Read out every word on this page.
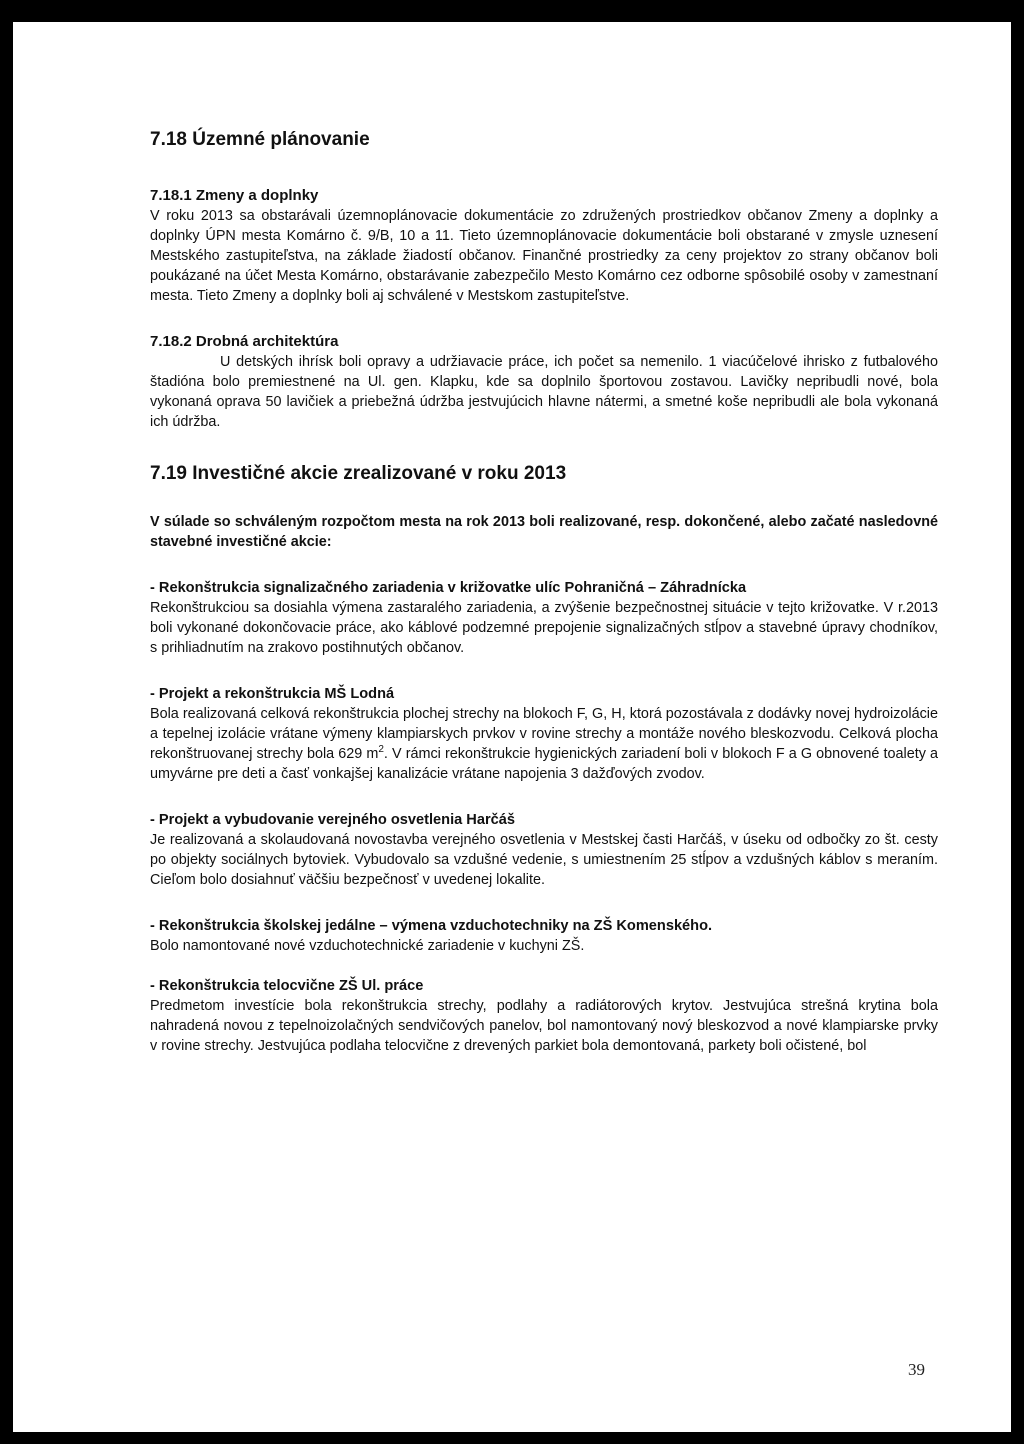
7.18 Územné plánovanie
7.18.1 Zmeny a doplnky

V roku 2013 sa obstarávali územnoplánovacie dokumentácie zo združených prostriedkov občanov Zmeny a doplnky a doplnky ÚPN mesta Komárno č. 9/B, 10 a 11. Tieto územnoplánovacie dokumentácie boli obstarané v zmysle uznesení Mestského zastupiteľstva, na základe žiadostí občanov. Finančné prostriedky za ceny projektov zo strany občanov boli poukázané na účet Mesta Komárno, obstarávanie zabezpečilo Mesto Komárno cez odborne spôsobilé osoby v zamestnaní mesta. Tieto Zmeny a doplnky boli aj schválené v Mestskom zastupiteľstve.

7.18.2 Drobná architektúra

U detských ihrísk boli opravy a udržiavacie práce, ich počet sa nemenilo. 1 viacúčelové ihrisko z futbalového štadióna bolo premiestnené na Ul. gen. Klapku, kde sa doplnilo športovou zostavou. Lavičky nepribudli nové, bola vykonaná oprava 50 lavičiek a priebežná údržba jestvujúcich hlavne nátermi, a smetné koše nepribudli ale bola vykonaná ich údržba.

7.19 Investičné akcie zrealizované v roku 2013

V súlade so schváleným rozpočtom mesta na rok 2013 boli realizované, resp. dokončené, alebo začaté nasledovné stavebné investičné akcie:

- Rekonštrukcia signalizačného zariadenia v križovatke ulíc Pohraničná – Záhradnícka

Rekonštrukciou sa dosiahla výmena zastaralého zariadenia, a zvýšenie bezpečnostnej situácie v tejto križovatke. V r.2013 boli vykonané dokončovacie práce, ako káblové podzemné prepojenie signalizačných stĺpov a stavebné úpravy chodníkov, s prihliadnutím na zrakovo postihnutých občanov.

- Projekt a rekonštrukcia MŠ Lodná

Bola realizovaná celková rekonštrukcia plochej strechy na blokoch F, G, H, ktorá pozostávala z dodávky novej hydroizolácie a tepelnej izolácie vrátane výmeny klampiarskych prvkov v rovine strechy a montáže nového bleskozvodu. Celková plocha rekonštruovanej strechy bola 629 $m^2$. V rámci rekonštrukcie hygienických zariadení boli v blokoch F a G obnovené toalety a umyvárne pre deti a časť vonkajšej kanalizácie vrátane napojenia 3 dažďových zvodov.

- Projekt a vybudovanie verejného osvetlenia Harčáš

Je realizovaná a skolaudovaná novostavba verejného osvetlenia v Mestskej časti Harčáš, v úseku od odbočky zo št. cesty po objekty sociálnych bytoviek. Vybudovalo sa vzdušné vedenie, s umiestnením 25 stĺpov a vzdušných káblov s meraním. Cieľom bolo dosiahnuť väčšiu bezpečnosť v uvedenej lokalite.

- Rekonštrukcia školskej jedálne – výmena vzduchotechniky na ZŠ Komenského.

Bolo namontované nové vzduchotechnické zariadenie v kuchyni ZŠ.

- Rekonštrukcia telocvične ZŠ Ul. práce

Predmetom investície bola rekonštrukcia strechy, podlahy a radiátorových krytov. Jestvujúca strešná krytina bola nahradená novou z tepelnoizolačných sendvičových panelov, bol namontovaný nový bleskozvod a nové klampiarske prvky v rovine strechy. Jestvujúca podlaha telocvične z drevených parkiet bola demontovaná, parkety boli očistené, bol

39
